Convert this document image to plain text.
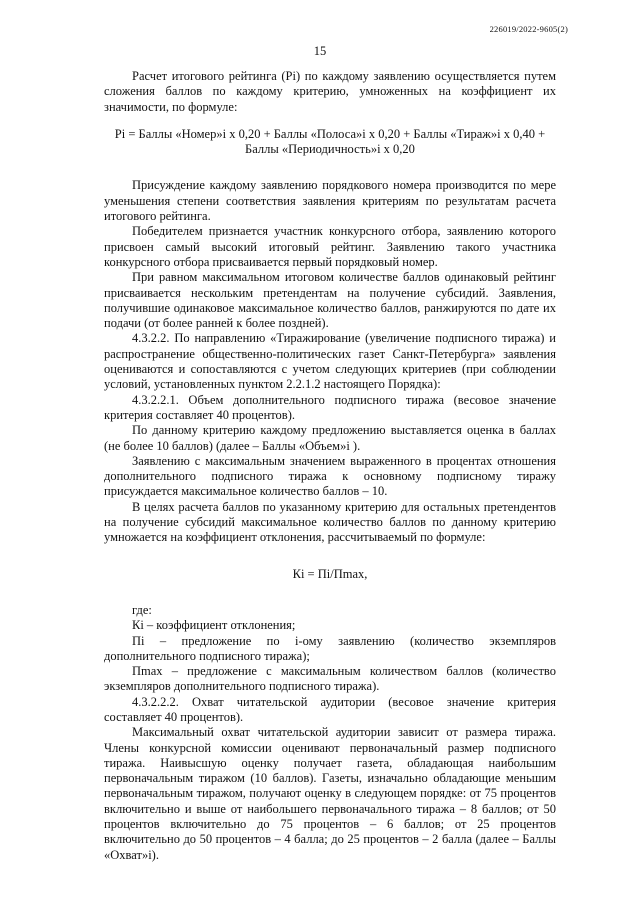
226019/2022-9605(2)
15

Расчет итогового рейтинга (Pi) по каждому заявлению осуществляется путем сложения баллов по каждому критерию, умноженных на коэффициент их значимости, по формуле:

Pi = Баллы «Номер»i х 0,20 + Баллы «Полоса»i х 0,20 + Баллы «Тираж»i х 0,40 +

Баллы «Периодичность»i х 0,20

Присуждение каждому заявлению порядкового номера производится по мере уменьшения степени соответствия заявления критериям по результатам расчета итогового рейтинга.

Победителем признается участник конкурсного отбора, заявлению которого присвоен самый высокий итоговый рейтинг. Заявлению такого участника конкурсного отбора присваивается первый порядковый номер.

При равном максимальном итоговом количестве баллов одинаковый рейтинг присваивается нескольким претендентам на получение субсидий. Заявления, получившие одинаковое максимальное количество баллов, ранжируются по дате их подачи (от более ранней к более поздней).

4.3.2.2. По направлению «Тиражирование (увеличение подписного тиража) и распространение общественно-политических газет Санкт-Петербурга» заявления оцениваются и сопоставляются с учетом следующих критериев (при соблюдении условий, установленных пунктом 2.2.1.2 настоящего Порядка):

4.3.2.2.1. Объем дополнительного подписного тиража (весовое значение критерия составляет 40 процентов).

По данному критерию каждому предложению выставляется оценка в баллах (не более 10 баллов) (далее – Баллы «Объем»i ).

Заявлению с максимальным значением выраженного в процентах отношения дополнительного подписного тиража к основному подписному тиражу присуждается максимальное количество баллов – 10.

В целях расчета баллов по указанному критерию для остальных претендентов на получение субсидий максимальное количество баллов по данному критерию умножается на коэффициент отклонения, рассчитываемый по формуле:

Кi = Пi/Пmax,

где:

Кi – коэффициент отклонения;

Пi – предложение по i-ому заявлению (количество экземпляров дополнительного подписного тиража);

Пmax – предложение с максимальным количеством баллов (количество экземпляров дополнительного подписного тиража).

4.3.2.2.2. Охват читательской аудитории (весовое значение критерия составляет 40 процентов).

Максимальный охват читательской аудитории зависит от размера тиража. Члены конкурсной комиссии оценивают первоначальный размер подписного тиража. Наивысшую оценку получает газета, обладающая наибольшим первоначальным тиражом (10 баллов). Газеты, изначально обладающие меньшим первоначальным тиражом, получают оценку в следующем порядке: от 75 процентов включительно и выше от наибольшего первоначального тиража – 8 баллов; от 50 процентов включительно до 75 процентов – 6 баллов; от 25 процентов включительно до 50 процентов – 4 балла; до 25 процентов – 2 балла (далее – Баллы «Охват»i).
